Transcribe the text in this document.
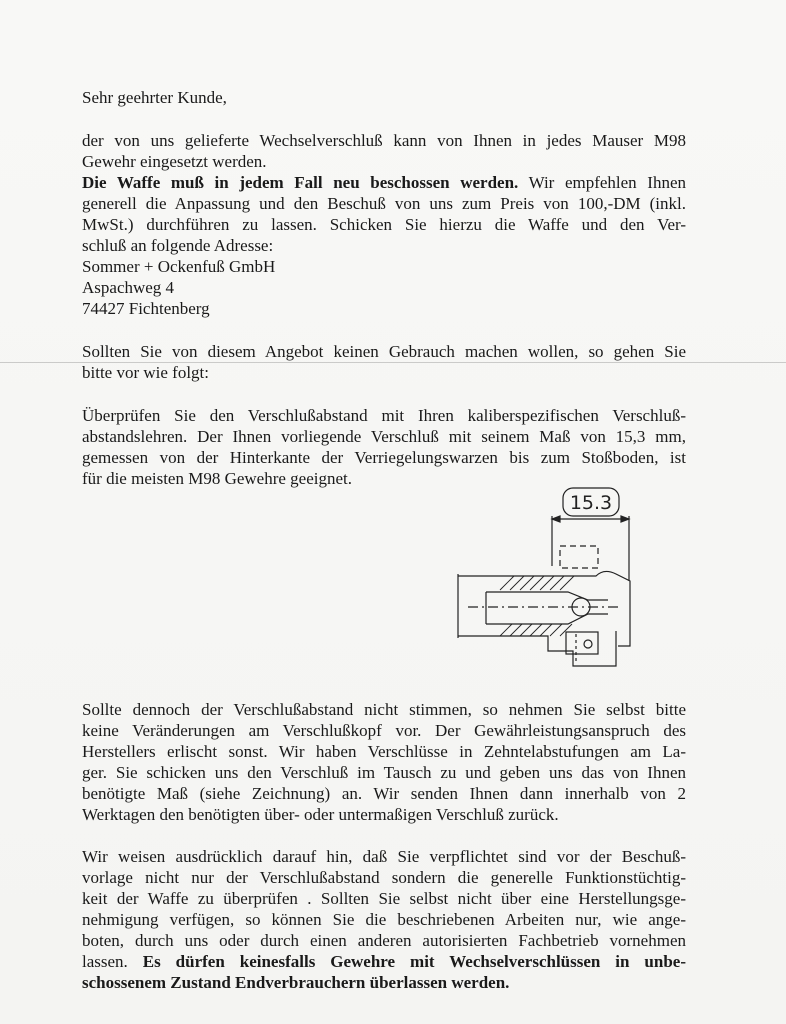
Sehr geehrter Kunde,
der von uns gelieferte Wechselverschluß kann von Ihnen in jedes Mauser M98
Gewehr eingesetzt werden.
Die Waffe muß in jedem Fall neu beschossen werden. Wir empfehlen Ihnen
generell die Anpassung und den Beschuß von uns zum Preis von 100,-DM (inkl.
MwSt.) durchführen zu lassen. Schicken Sie hierzu die Waffe und den Ver-
schluß an folgende Adresse:
Sommer + Ockenfuß GmbH
Aspachweg 4
74427 Fichtenberg
Sollten Sie von diesem Angebot keinen Gebrauch machen wollen, so gehen Sie
bitte vor wie folgt:
Überprüfen Sie den Verschlußabstand mit Ihren kaliberspezifischen Verschluß-
abstandslehren. Der Ihnen vorliegende Verschluß mit seinem Maß von 15,3 mm,
gemessen von der Hinterkante der Verriegelungswarzen bis zum Stoßboden, ist
für die meisten M98 Gewehre geeignet.
15.3
Sollte dennoch der Verschlußabstand nicht stimmen, so nehmen Sie selbst bitte
keine Veränderungen am Verschlußkopf vor. Der Gewährleistungsanspruch des
Herstellers erlischt sonst. Wir haben Verschlüsse in Zehntelabstufungen am La-
ger. Sie schicken uns den Verschluß im Tausch zu und geben uns das von Ihnen
benötigte Maß (siehe Zeichnung) an. Wir senden Ihnen dann innerhalb von 2
Werktagen den benötigten über- oder untermaßigen Verschluß zurück.
Wir weisen ausdrücklich darauf hin, daß Sie verpflichtet sind vor der Beschuß-
vorlage nicht nur der Verschlußabstand sondern die generelle Funktionstüchtig-
keit der Waffe zu überprüfen . Sollten Sie selbst nicht über eine Herstellungsge-
nehmigung verfügen, so können Sie die beschriebenen Arbeiten nur, wie ange-
boten, durch uns oder durch einen anderen autorisierten Fachbetrieb vornehmen
lassen. Es dürfen keinesfalls Gewehre mit Wechselverschlüssen in unbe-
schossenem Zustand Endverbrauchern überlassen werden.
